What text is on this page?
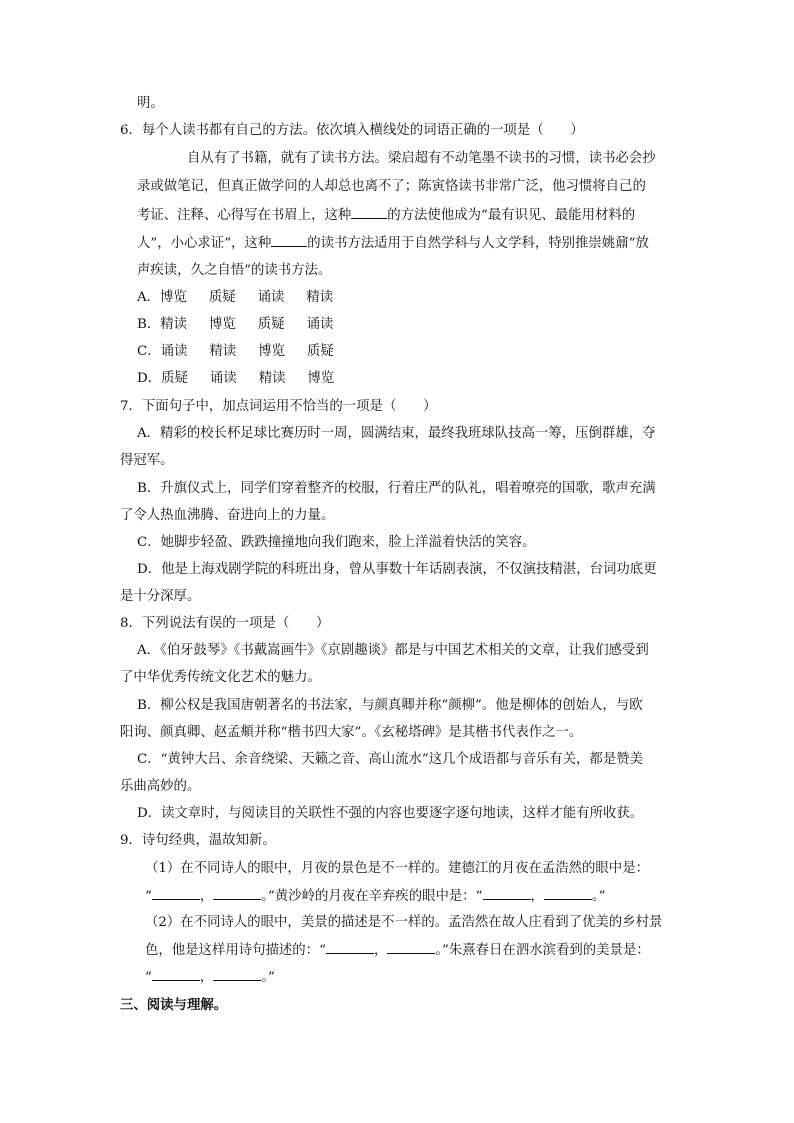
明。
6．每个人读书都有自己的方法。依次填入横线处的词语正确的一项是（　　）
自从有了书籍，就有了读书方法。梁启超有不动笔墨不读书的习惯，读书必会抄
录或做笔记，但真正做学问的人却总也离不了；陈寅恪读书非常广泛，他习惯将自己的
考证、注释、心得写在书眉上，这种	的方法使他成为“最有识见、最能用材料的
人”，小心求证”，这种	的读书方法适用于自然学科与人文学科，特别推崇姚鼐“放
声疾读，久之自悟”的读书方法。
A．博览 质疑 诵读 精读
B．精读 博览 质疑 诵读
C．诵读 精读 博览 质疑
D．质疑 诵读 精读 博览
7．下面句子中，加点词运用不恰当的一项是（　　）
A．精彩的校长杯足球比赛历时一周，圆满结束，最终我班球队技高一筹，压倒群雄，夺
得冠军。
B．升旗仪式上，同学们穿着整齐的校服，行着庄严的队礼，唱着嘹亮的国歌，歌声充满
了令人热血沸腾、奋进向上的力量。
C．她脚步轻盈、跌跌撞撞地向我们跑来，脸上洋溢着快活的笑容。
D．他是上海戏剧学院的科班出身，曾从事数十年话剧表演，不仅演技精湛，台词功底更
是十分深厚。
8．下列说法有误的一项是（　　）
A．《伯牙鼓琴》《书戴嵩画牛》《京剧趣谈》都是与中国艺术相关的文章，让我们感受到
了中华优秀传统文化艺术的魅力。
B．柳公权是我国唐朝著名的书法家，与颜真卿并称“颜柳”。他是柳体的创始人，与欧
阳询、颜真卿、赵孟頫并称“楷书四大家”。《玄秘塔碑》是其楷书代表作之一。
C．“黄钟大吕、余音绕梁、天籁之音、高山流水”这几个成语都与音乐有关，都是赞美
乐曲高妙的。
D．读文章时，与阅读目的关联性不强的内容也要逐字逐句地读，这样才能有所收获。
9．诗句经典，温故知新。
（1）在不同诗人的眼中，月夜的景色是不一样的。建德江的月夜在孟浩然的眼中是：
“	，	。”黄沙岭的月夜在辛弃疾的眼中是：“	，	。”
（2）在不同诗人的眼中，美景的描述是不一样的。孟浩然在故人庄看到了优美的乡村景
色，他是这样用诗句描述的：“	，	。”朱熹春日在泗水滨看到的美景是：
“	，	。”
三、阅读与理解。
